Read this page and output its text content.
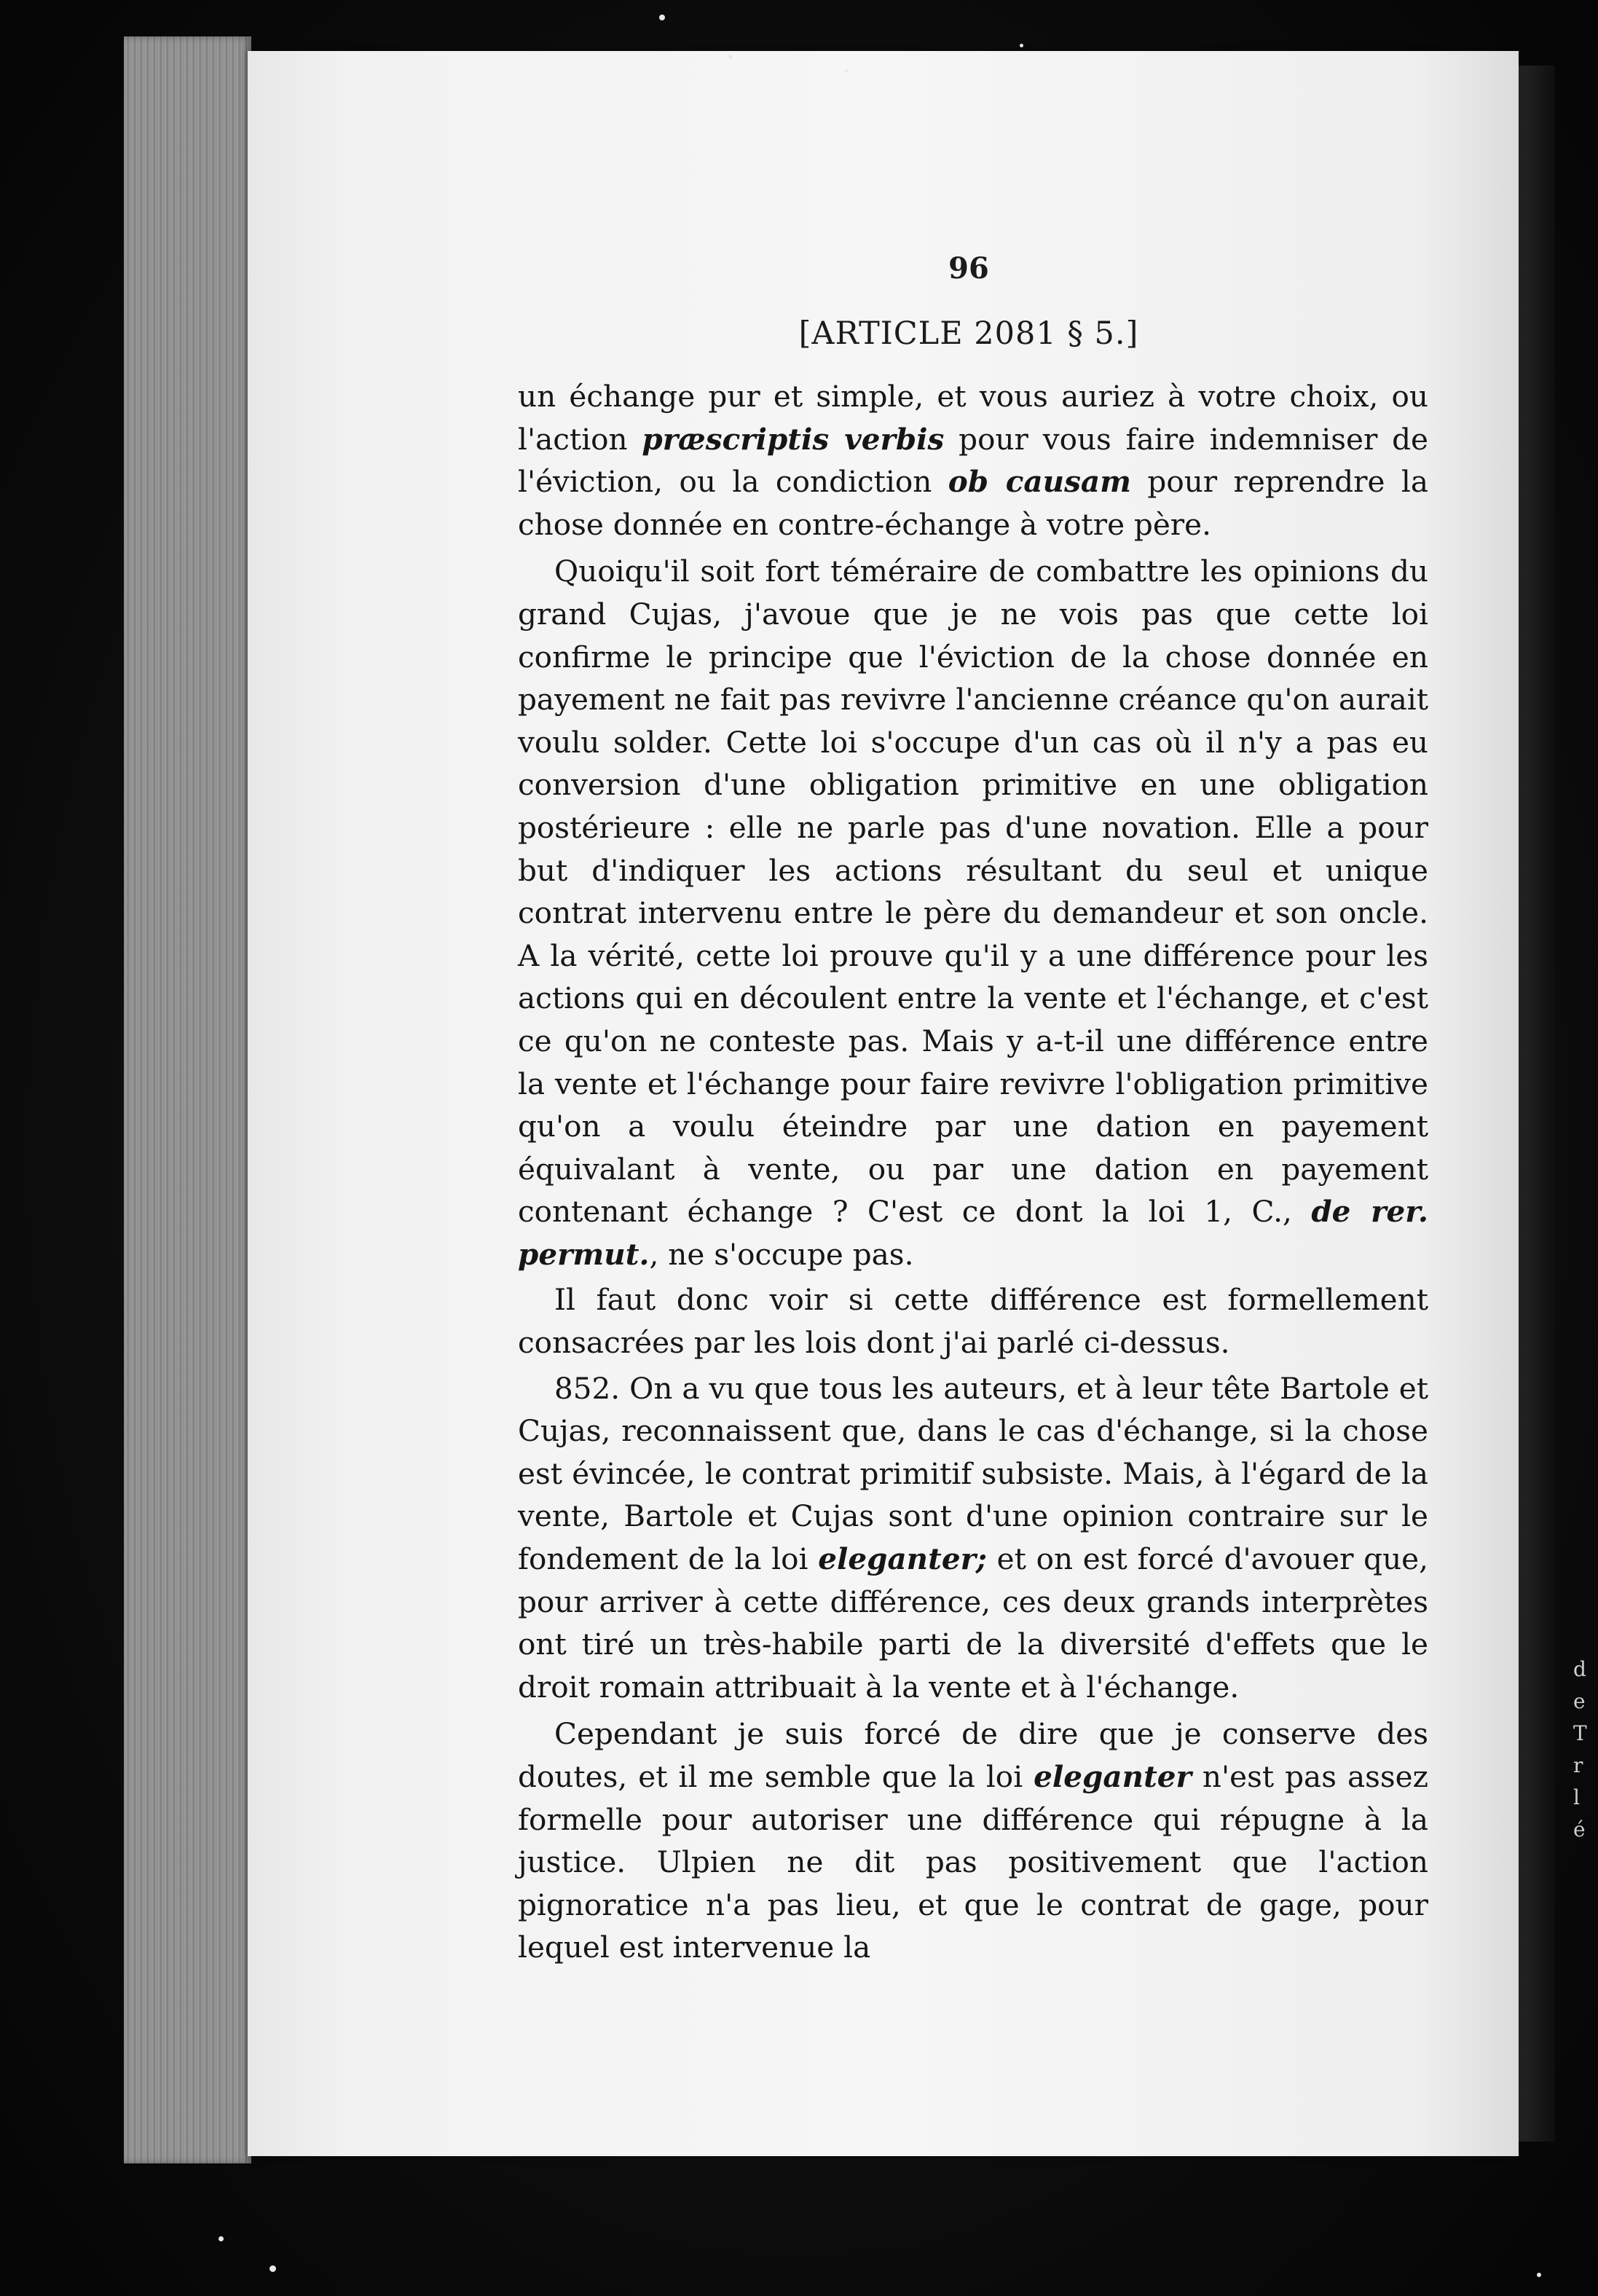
96
[ARTICLE 2081 § 5.]

un échange pur et simple, et vous auriez à votre choix, ou l'action præscriptis verbis pour vous faire indemniser de l'éviction, ou la condiction ob causam pour reprendre la chose donnée en contre-échange à votre père.

Quoiqu'il soit fort téméraire de combattre les opinions du grand Cujas, j'avoue que je ne vois pas que cette loi confirme le principe que l'éviction de la chose donnée en payement ne fait pas revivre l'ancienne créance qu'on aurait voulu solder. Cette loi s'occupe d'un cas où il n'y a pas eu conversion d'une obligation primitive en une obligation postérieure : elle ne parle pas d'une novation. Elle a pour but d'indiquer les actions résultant du seul et unique contrat intervenu entre le père du demandeur et son oncle. A la vérité, cette loi prouve qu'il y a une différence pour les actions qui en découlent entre la vente et l'échange, et c'est ce qu'on ne conteste pas. Mais y a-t-il une différence entre la vente et l'échange pour faire revivre l'obligation primitive qu'on a voulu éteindre par une dation en payement équivalant à vente, ou par une dation en payement contenant échange ? C'est ce dont la loi 1, C., de rer. permut., ne s'occupe pas.

Il faut donc voir si cette différence est formellement consacrées par les lois dont j'ai parlé ci-dessus.

852. On a vu que tous les auteurs, et à leur tête Bartole et Cujas, reconnaissent que, dans le cas d'échange, si la chose est évincée, le contrat primitif subsiste. Mais, à l'égard de la vente, Bartole et Cujas sont d'une opinion contraire sur le fondement de la loi eleganter; et on est forcé d'avouer que, pour arriver à cette différence, ces deux grands interprètes ont tiré un très-habile parti de la diversité d'effets que le droit romain attribuait à la vente et à l'échange.

Cependant je suis forcé de dire que je conserve des doutes, et il me semble que la loi eleganter n'est pas assez formelle pour autoriser une différence qui répugne à la justice. Ulpien ne dit pas positivement que l'action pignoratice n'a pas lieu, et que le contrat de gage, pour lequel est intervenue la

d
e
T
r
l
é
